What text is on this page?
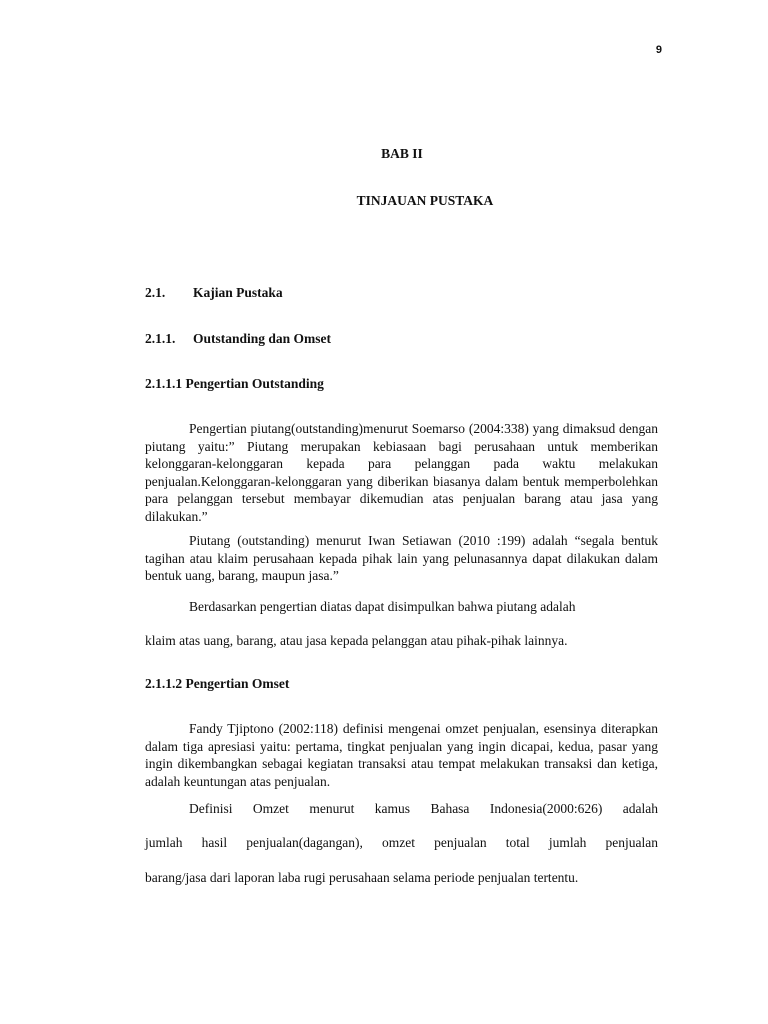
9
BAB II
TINJAUAN PUSTAKA
2.1. Kajian Pustaka
2.1.1. Outstanding dan Omset
2.1.1.1 Pengertian Outstanding

Pengertian piutang(outstanding)menurut Soemarso (2004:338) yang dimaksud dengan piutang yaitu:” Piutang merupakan kebiasaan bagi perusahaan untuk memberikan kelonggaran-kelonggaran kepada para pelanggan pada waktu melakukan penjualan.Kelonggaran-kelonggaran yang diberikan biasanya dalam bentuk memperbolehkan para pelanggan tersebut membayar dikemudian atas penjualan barang atau jasa yang dilakukan.”

Piutang (outstanding) menurut Iwan Setiawan (2010 :199) adalah “segala bentuk tagihan atau klaim perusahaan kepada pihak lain yang pelunasannya dapat dilakukan dalam bentuk uang, barang, maupun jasa.”

Berdasarkan pengertian diatas dapat disimpulkan bahwa piutang adalah

klaim atas uang, barang, atau jasa kepada pelanggan atau pihak-pihak lainnya.

2.1.1.2 Pengertian Omset

Fandy Tjiptono (2002:118) definisi mengenai omzet penjualan, esensinya diterapkan dalam tiga apresiasi yaitu: pertama, tingkat penjualan yang ingin dicapai, kedua, pasar yang ingin dikembangkan sebagai kegiatan transaksi atau tempat melakukan transaksi dan ketiga, adalah keuntungan atas penjualan.

Definisi Omzet menurut kamus Bahasa Indonesia(2000:626) adalah

jumlah hasil penjualan(dagangan), omzet penjualan total jumlah penjualan

barang/jasa dari laporan laba rugi perusahaan selama periode penjualan tertentu.
